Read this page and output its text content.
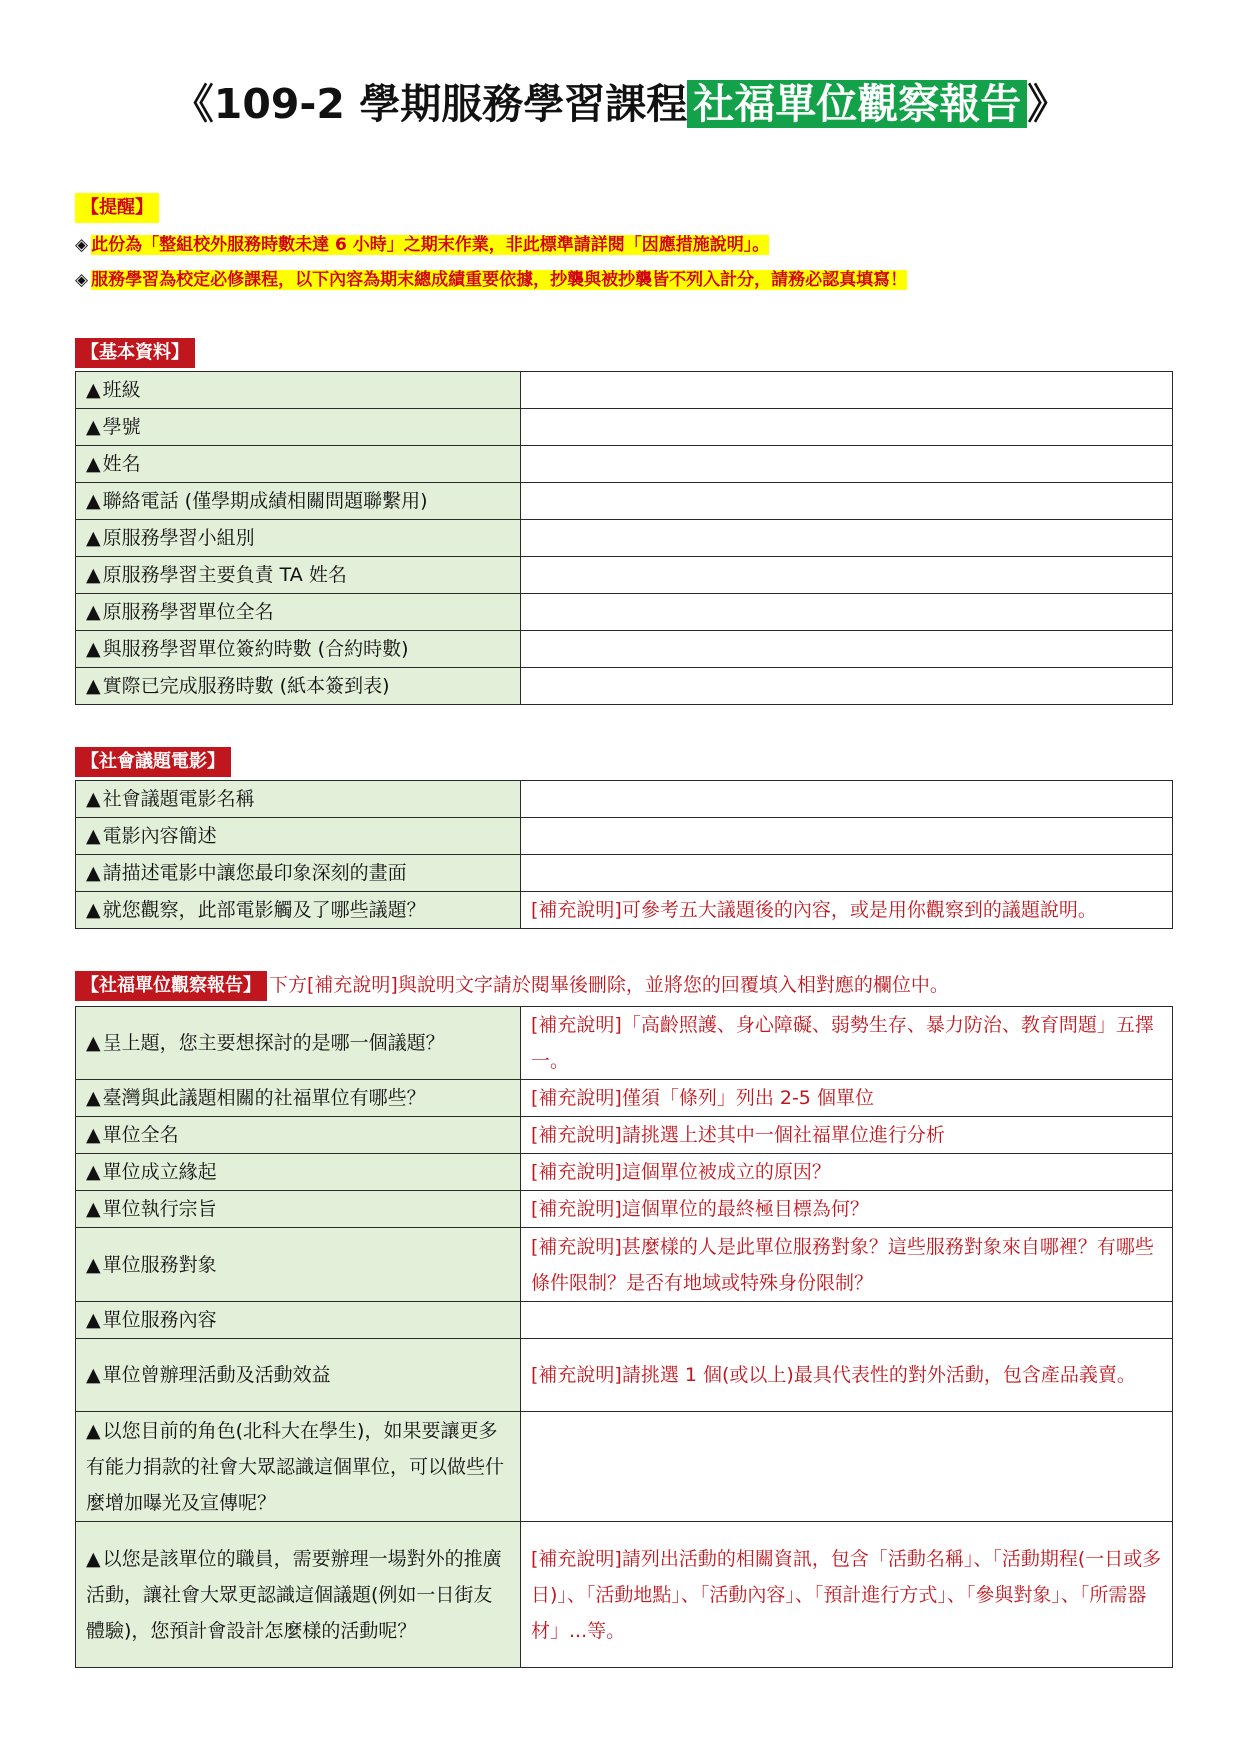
《109-2 學期服務學習課程 社福單位觀察報告 》
【提醒】
◈ 此份為「整組校外服務時數未達 6 小時」之期末作業，非此標準請詳閱「因應措施說明」。
◈ 服務學習為校定必修課程，以下內容為期末總成績重要依據，抄襲與被抄襲皆不列入計分，請務必認真填寫！
【基本資料】
▲ 班級	
▲ 學號	
▲ 姓名	
▲ 聯絡電話 (僅學期成績相關問題聯繫用)	
▲ 原服務學習小組別	
▲ 原服務學習主要負責 TA 姓名	
▲ 原服務學習單位全名	
▲ 與服務學習單位簽約時數 (合約時數)	
▲ 實際已完成服務時數 (紙本簽到表)	
【社會議題電影】
▲ 社會議題電影名稱	
▲ 電影內容簡述	
▲ 請描述電影中讓您最印象深刻的畫面	
▲ 就您觀察，此部電影觸及了哪些議題？	[補充說明]可參考五大議題後的內容，或是用你觀察到的議題說明。
【社福單位觀察報告】 下方[補充說明]與說明文字請於閱畢後刪除，並將您的回覆填入相對應的欄位中。
▲ 呈上題，您主要想探討的是哪一個議題？	[補充說明]「高齡照護、身心障礙、弱勢生存、暴力防治、教育問題」五擇一。
▲ 臺灣與此議題相關的社福單位有哪些？	[補充說明]僅須「條列」列出 2-5 個單位
▲ 單位全名	[補充說明]請挑選上述其中一個社福單位進行分析
▲ 單位成立緣起	[補充說明]這個單位被成立的原因？
▲ 單位執行宗旨	[補充說明]這個單位的最終極目標為何？
▲ 單位服務對象	[補充說明]甚麼樣的人是此單位服務對象？這些服務對象來自哪裡？有哪些條件限制？是否有地域或特殊身份限制？
▲ 單位服務內容	
▲ 單位曾辦理活動及活動效益	[補充說明]請挑選 1 個(或以上)最具代表性的對外活動，包含產品義賣。
▲ 以您目前的角色(北科大在學生)，如果要讓更多有能力捐款的社會大眾認識這個單位，可以做些什麼增加曝光及宣傳呢？	
▲ 以您是該單位的職員，需要辦理一場對外的推廣活動，讓社會大眾更認識這個議題(例如一日街友體驗)，您預計會設計怎麼樣的活動呢？	[補充說明]請列出活動的相關資訊，包含「活動名稱」、「活動期程(一日或多日)」、「活動地點」、「活動內容」、「預計進行方式」、「參與對象」、「所需器材」...等。
